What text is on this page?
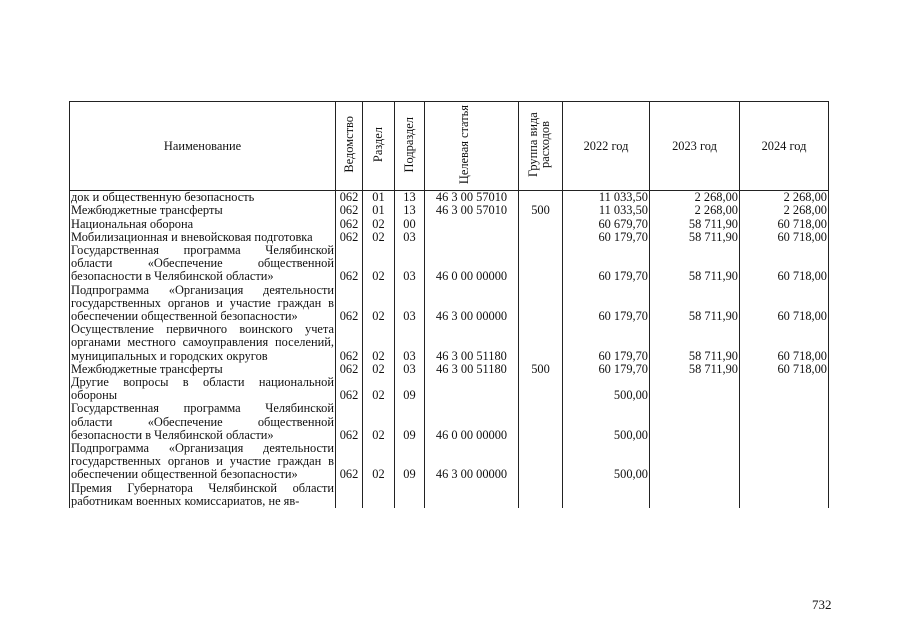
Наименование	Ведомство	Раздел	Подраздел	Целевая статья	Группа вида расходов	2022 год	2023 год	2024 год
док и общественную безопасность	062	01	13	46 3 00 57010		11 033,50	2 268,00	2 268,00
Межбюджетные трансферты	062	01	13	46 3 00 57010	500	11 033,50	2 268,00	2 268,00
Национальная оборона	062	02	00			60 679,70	58 711,90	60 718,00
Мобилизационная и вневойсковая подготовка	062	02	03			60 179,70	58 711,90	60 718,00
Государственная программа Челябинской области «Обеспечение общественной безопасности в Челябинской области»	062	02	03	46 0 00 00000		60 179,70	58 711,90	60 718,00
Подпрограмма «Организация деятельности государственных органов и участие граждан в обеспечении общественной безопасности»	062	02	03	46 3 00 00000		60 179,70	58 711,90	60 718,00
Осуществление первичного воинского учета органами местного самоуправления поселений, муниципальных и городских округов	062	02	03	46 3 00 51180		60 179,70	58 711,90	60 718,00
Межбюджетные трансферты	062	02	03	46 3 00 51180	500	60 179,70	58 711,90	60 718,00
Другие вопросы в области национальной обороны	062	02	09			500,00		
Государственная программа Челябинской области «Обеспечение общественной безопасности в Челябинской области»	062	02	09	46 0 00 00000		500,00		
Подпрограмма «Организация деятельности государственных органов и участие граждан в обеспечении общественной безопасности»	062	02	09	46 3 00 00000		500,00		
Премия Губернатора Челябинской области работникам военных комиссариатов, не яв-								
732
